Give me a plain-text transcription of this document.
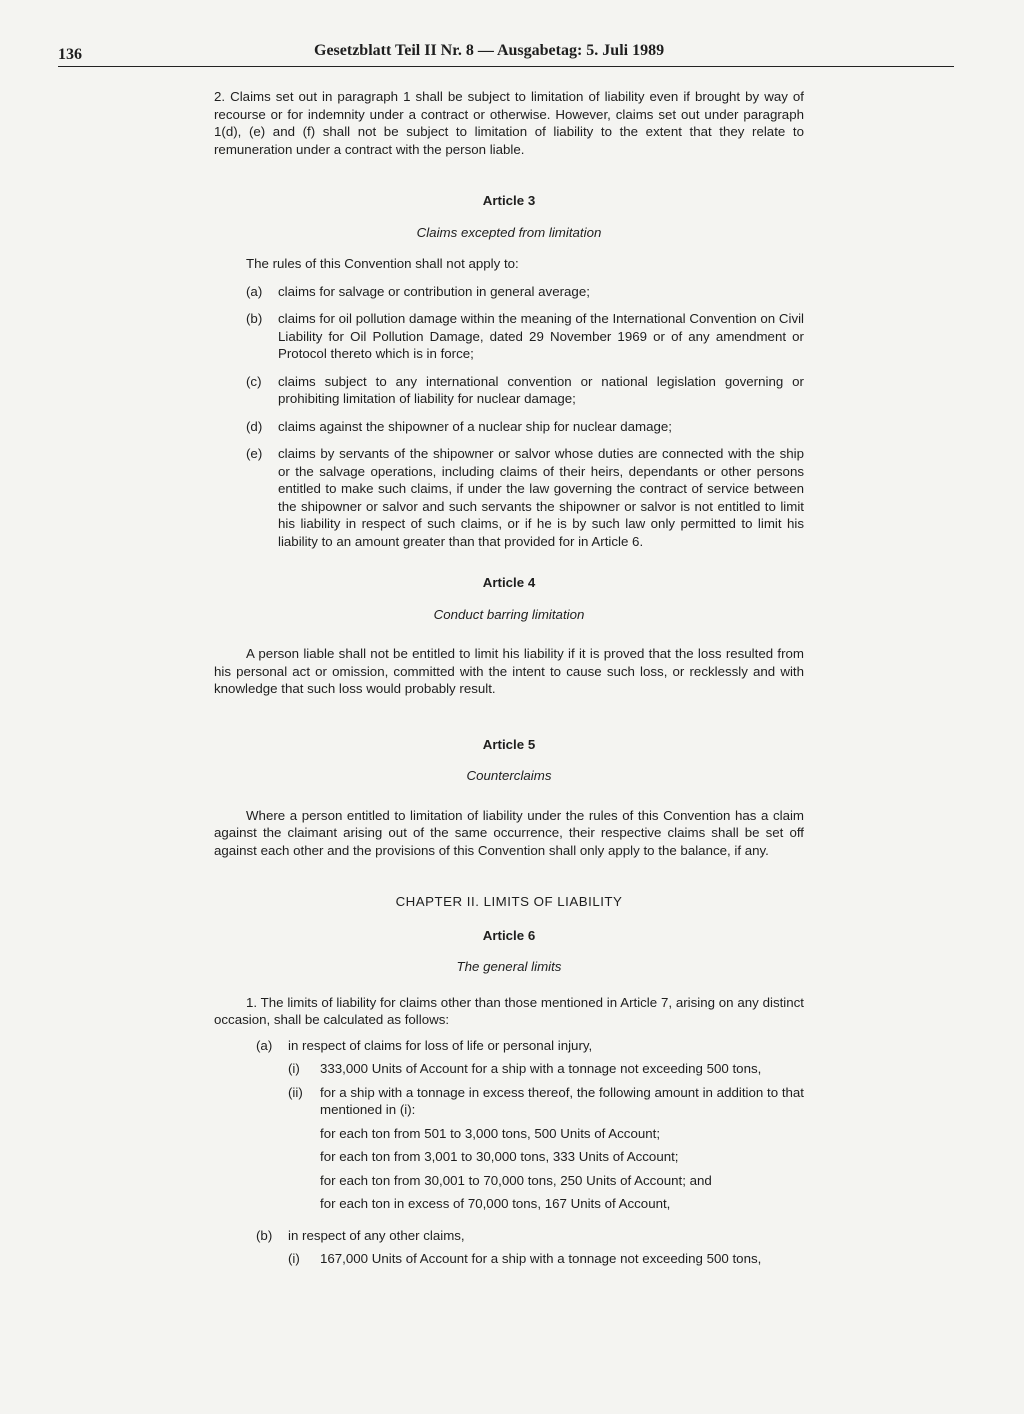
136	Gesetzblatt Teil II Nr. 8 — Ausgabetag: 5. Juli 1989

2. Claims set out in paragraph 1 shall be subject to limitation of liability even if brought by way of recourse or for indemnity under a contract or otherwise. However, claims set out under paragraph 1(d), (e) and (f) shall not be subject to limitation of liability to the extent that they relate to remuneration under a contract with the person liable.

Article 3

Claims excepted from limitation

The rules of this Convention shall not apply to:

(a)	claims for salvage or contribution in general average;
(b)	claims for oil pollution damage within the meaning of the International Convention on Civil Liability for Oil Pollution Damage, dated 29 November 1969 or of any amendment or Protocol thereto which is in force;
(c)	claims subject to any international convention or national legislation governing or prohibiting limitation of liability for nuclear damage;
(d)	claims against the shipowner of a nuclear ship for nuclear damage;
(e)	claims by servants of the shipowner or salvor whose duties are connected with the ship or the salvage operations, including claims of their heirs, dependants or other persons entitled to make such claims, if under the law governing the contract of service between the shipowner or salvor and such servants the shipowner or salvor is not entitled to limit his liability in respect of such claims, or if he is by such law only permitted to limit his liability to an amount greater than that provided for in Article 6.

Article 4

Conduct barring limitation

A person liable shall not be entitled to limit his liability if it is proved that the loss resulted from his personal act or omission, committed with the intent to cause such loss, or recklessly and with knowledge that such loss would probably result.

Article 5

Counterclaims

Where a person entitled to limitation of liability under the rules of this Convention has a claim against the claimant arising out of the same occurrence, their respective claims shall be set off against each other and the provisions of this Convention shall only apply to the balance, if any.

CHAPTER II. LIMITS OF LIABILITY

Article 6

The general limits

1. The limits of liability for claims other than those mentioned in Article 7, arising on any distinct occasion, shall be calculated as follows:

(a)	in respect of claims for loss of life or personal injury,
(i)	333,000 Units of Account for a ship with a tonnage not exceeding 500 tons,
(ii)	for a ship with a tonnage in excess thereof, the following amount in addition to that mentioned in (i):

for each ton from 501 to 3,000 tons, 500 Units of Account;

for each ton from 3,001 to 30,000 tons, 333 Units of Account;

for each ton from 30,001 to 70,000 tons, 250 Units of Account; and

for each ton in excess of 70,000 tons, 167 Units of Account,

(b)	in respect of any other claims,
(i)	167,000 Units of Account for a ship with a tonnage not exceeding 500 tons,
